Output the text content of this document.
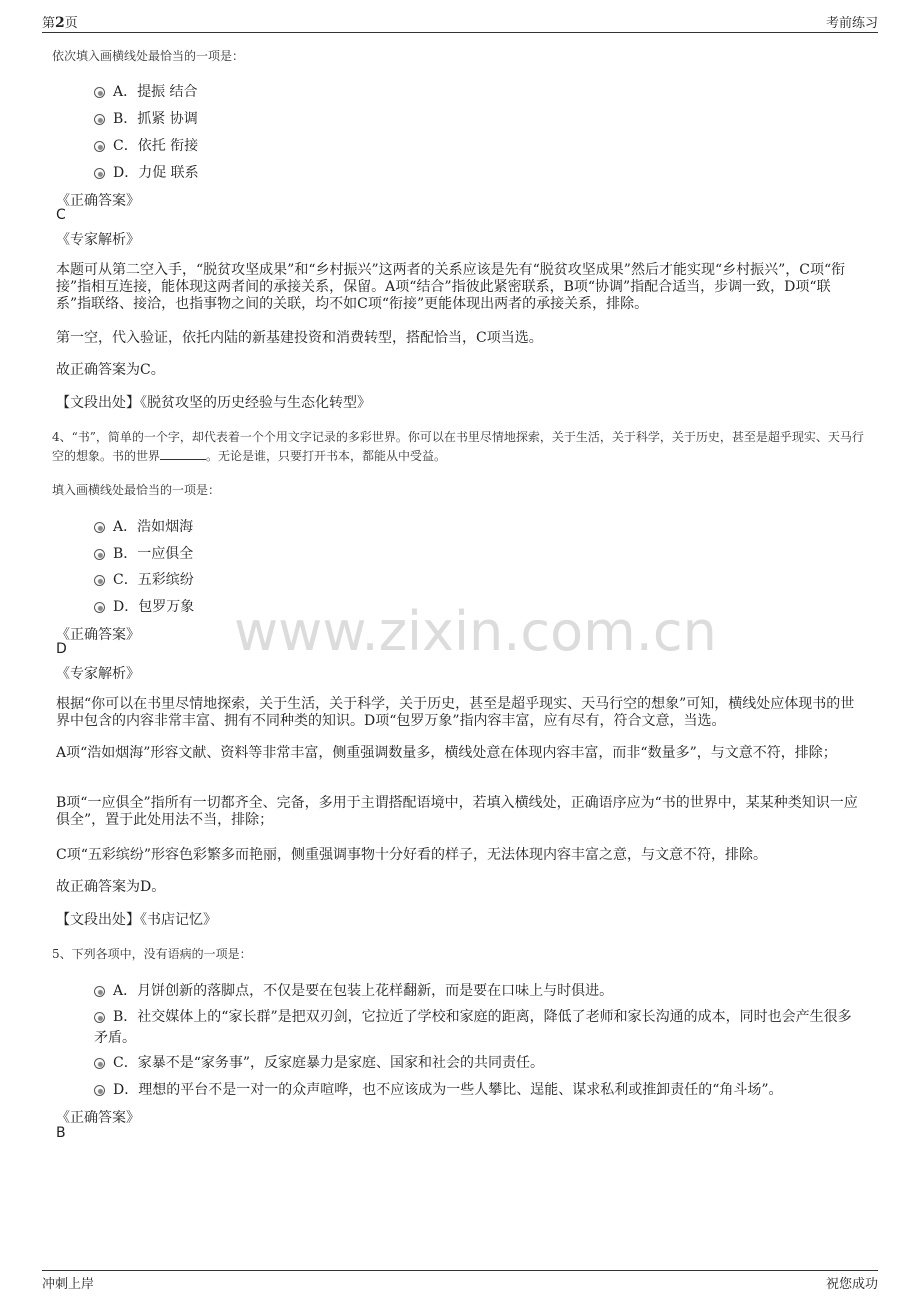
第2页	考前练习
www.zixin.com.cn
依次填入画横线处最恰当的一项是：
A．提振 结合
B．抓紧 协调
C．依托 衔接
D．力促 联系
《正确答案》
C
《专家解析》
本题可从第二空入手，“脱贫攻坚成果”和“乡村振兴”这两者的关系应该是先有“脱贫攻坚成果”然后才能实现“乡村振兴”，C项“衔接”指相互连接，能体现这两者间的承接关系，保留。A项“结合”指彼此紧密联系，B项“协调”指配合适当，步调一致，D项“联系”指联络、接洽，也指事物之间的关联，均不如C项“衔接”更能体现出两者的承接关系，排除。
第一空，代入验证，依托内陆的新基建投资和消费转型，搭配恰当，C项当选。
故正确答案为C。
【文段出处】《脱贫攻坚的历史经验与生态化转型》
4、“书”，简单的一个字，却代表着一个个用文字记录的多彩世界。你可以在书里尽情地探索，关于生活，关于科学，关于历史，甚至是超乎现实、天马行空的想象。书的世界	。无论是谁，只要打开书本，都能从中受益。
填入画横线处最恰当的一项是：
A．浩如烟海
B．一应俱全
C．五彩缤纷
D．包罗万象
《正确答案》
D
《专家解析》
根据“你可以在书里尽情地探索，关于生活，关于科学，关于历史，甚至是超乎现实、天马行空的想象”可知，横线处应体现书的世界中包含的内容非常丰富、拥有不同种类的知识。D项“包罗万象”指内容丰富，应有尽有，符合文意，当选。
A项“浩如烟海”形容文献、资料等非常丰富，侧重强调数量多，横线处意在体现内容丰富，而非“数量多”，与文意不符，排除；
B项“一应俱全”指所有一切都齐全、完备，多用于主谓搭配语境中，若填入横线处，正确语序应为“书的世界中，某某种类知识一应俱全”，置于此处用法不当，排除；
C项“五彩缤纷”形容色彩繁多而艳丽，侧重强调事物十分好看的样子，无法体现内容丰富之意，与文意不符，排除。
故正确答案为D。
【文段出处】《书店记忆》
5、下列各项中，没有语病的一项是：
A．月饼创新的落脚点，不仅是要在包装上花样翻新，而是要在口味上与时俱进。
B．社交媒体上的“家长群”是把双刃剑，它拉近了学校和家庭的距离，降低了老师和家长沟通的成本，同时也会产生很多矛盾。
C．家暴不是“家务事”，反家庭暴力是家庭、国家和社会的共同责任。
D．理想的平台不是一对一的众声喧哗，也不应该成为一些人攀比、逞能、谋求私利或推卸责任的“角斗场”。
《正确答案》
B
冲刺上岸	祝您成功
